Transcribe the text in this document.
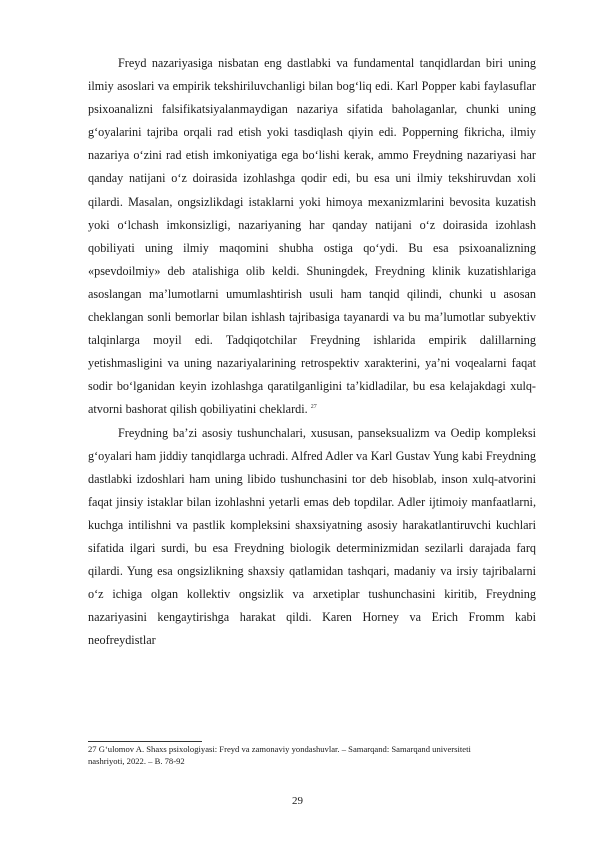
Freyd nazariyasiga nisbatan eng dastlabki va fundamental tanqidlardan biri uning ilmiy asoslari va empirik tekshiriluvchanligi bilan bog‘liq edi. Karl Popper kabi faylasuflar psixoanalizni falsifikatsiyalanmaydigan nazariya sifatida baholaganlar, chunki uning g‘oyalarini tajriba orqali rad etish yoki tasdiqlash qiyin edi. Popperning fikricha, ilmiy nazariya o‘zini rad etish imkoniyatiga ega bo‘lishi kerak, ammo Freydning nazariyasi har qanday natijani o‘z doirasida izohlashga qodir edi, bu esa uni ilmiy tekshiruvdan xoli qilardi. Masalan, ongsizlikdagi istaklarni yoki himoya mexanizmlarini bevosita kuzatish yoki o‘lchash imkonsizligi, nazariyaning har qanday natijani o‘z doirasida izohlash qobiliyati uning ilmiy maqomini shubha ostiga qo‘ydi. Bu esa psixoanalizning «psevdoilmiy» deb atalishiga olib keldi. Shuningdek, Freydning klinik kuzatishlariga asoslangan ma’lumotlarni umumlashtirish usuli ham tanqid qilindi, chunki u asosan cheklangan sonli bemorlar bilan ishlash tajribasiga tayanardi va bu ma’lumotlar subyektiv talqinlarga moyil edi. Tadqiqotchilar Freydning ishlarida empirik dalillarning yetishmasligini va uning nazariyalarining retrospektiv xarakterini, ya’ni voqealarni faqat sodir bo‘lganidan keyin izohlashga qaratilganligini ta’kidladilar, bu esa kelajakdagi xulq-atvorni bashorat qilish qobiliyatini cheklardi. $^{27}$

Freydning ba’zi asosiy tushunchalari, xususan, panseksualizm va Oedip kompleksi g‘oyalari ham jiddiy tanqidlarga uchradi. Alfred Adler va Karl Gustav Yung kabi Freydning dastlabki izdoshlari ham uning libido tushunchasini tor deb hisoblab, inson xulq-atvorini faqat jinsiy istaklar bilan izohlashni yetarli emas deb topdilar. Adler ijtimoiy manfaatlarni, kuchga intilishni va pastlik kompleksini shaxsiyatning asosiy harakatlantiruvchi kuchlari sifatida ilgari surdi, bu esa Freydning biologik determinizmidan sezilarli darajada farq qilardi. Yung esa ongsizlikning shaxsiy qatlamidan tashqari, madaniy va irsiy tajribalarni o‘z ichiga olgan kollektiv ongsizlik va arxetiplar tushunchasini kiritib, Freydning nazariyasini kengaytirishga harakat qildi. Karen Horney va Erich Fromm kabi neofreydistlar

27 G‘ulomov A. Shaxs psixologiyasi: Freyd va zamonaviy yondashuvlar. – Samarqand: Samarqand universiteti nashriyoti, 2022. – B. 78-92
29
